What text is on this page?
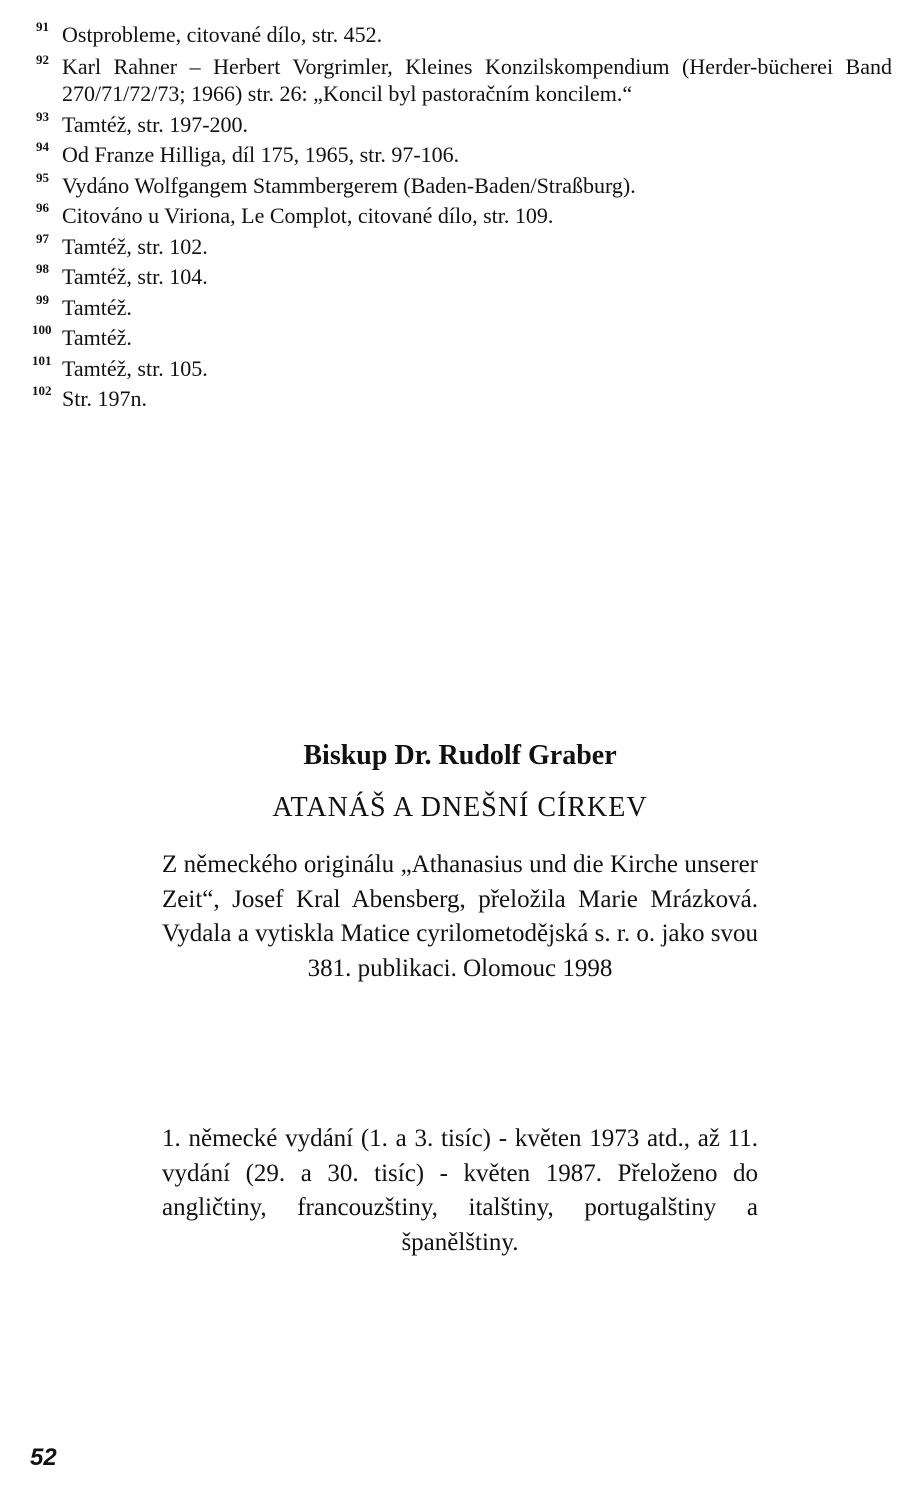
91 Ostprobleme, citované dílo, str. 452.
92 Karl Rahner – Herbert Vorgrimler, Kleines Konzilskompendium (Herder-bücherei Band 270/71/72/73; 1966) str. 26: „Koncil byl pastoračním koncilem.“
93 Tamtéž, str. 197-200.
94 Od Franze Hilliga, díl 175, 1965, str. 97-106.
95 Vydáno Wolfgangem Stammbergerem (Baden-Baden/Straßburg).
96 Citováno u Viriona, Le Complot, citované dílo, str. 109.
97 Tamtéž, str. 102.
98 Tamtéž, str. 104.
99 Tamtéž.
100 Tamtéž.
101 Tamtéž, str. 105.
102 Str. 197n.
Biskup Dr. Rudolf Graber
ATANÁŠ A DNEŠNÍ CÍRKEV
Z německého originálu „Athanasius und die Kirche unserer Zeit“, Josef Kral Abensberg, přeložila Marie Mrázková. Vydala a vytiskla Matice cyrilometodějská s. r. o. jako svou 381. publikaci. Olomouc 1998
1. německé vydání (1. a 3. tisíc) - květen 1973 atd., až 11. vydání (29. a 30. tisíc) - květen 1987. Přeloženo do angličtiny, francouzštiny, italštiny, portugalštiny a španělštiny.
52
